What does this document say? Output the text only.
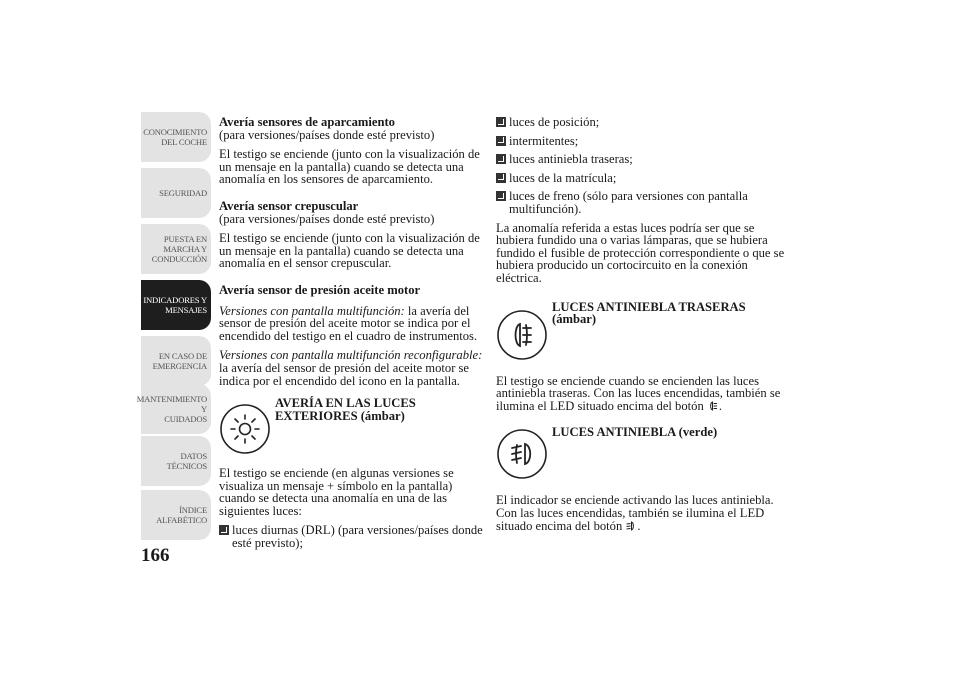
CONOCIMIENTO
DEL COCHE
SEGURIDAD
PUESTA EN
MARCHA Y
CONDUCCIÓN
INDICADORES Y
MENSAJES
EN CASO DE
EMERGENCIA
MANTENIMIENTO Y
CUIDADOS
DATOS TÉCNICOS
ÍNDICE
ALFABÉTICO
166

Avería sensores de aparcamiento

(para versiones/países donde esté previsto)

El testigo se enciende (junto con la visualización de un mensaje en la pantalla) cuando se detecta una anomalía en los sensores de aparcamiento.

Avería sensor crepuscular

(para versiones/países donde esté previsto)

El testigo se enciende (junto con la visualización de un mensaje en la pantalla) cuando se detecta una anomalía en el sensor crepuscular.

Avería sensor de presión aceite motor

Versiones con pantalla multifunción: la avería del sensor de presión del aceite motor se indica por el encendido del testigo en el cuadro de instrumentos.

Versiones con pantalla multifunción reconfigurable: la avería del sensor de presión del aceite motor se indica por el encendido del icono en la pantalla.

AVERÍA EN LAS LUCES EXTERIORES (ámbar)

El testigo se enciende (en algunas versiones se visualiza un mensaje + símbolo en la pantalla) cuando se detecta una anomalía en una de las siguientes luces:

luces diurnas (DRL) (para versiones/países donde esté previsto);
luces de posición;
intermitentes;
luces antiniebla traseras;
luces de la matrícula;
luces de freno (sólo para versiones con pantalla multifunción).

La anomalía referida a estas luces podría ser que se hubiera fundido una o varias lámparas, que se hubiera fundido el fusible de protección correspondiente o que se hubiera producido un cortocircuito en la conexión eléctrica.

LUCES ANTINIEBLA TRASERAS (ámbar)

El testigo se enciende cuando se encienden las luces antiniebla traseras. Con las luces encendidas, también se ilumina el LED situado encima del botón .

LUCES ANTINIEBLA (verde)

El indicador se enciende activando las luces antiniebla. Con las luces encendidas, también se ilumina el LED situado encima del botón .
